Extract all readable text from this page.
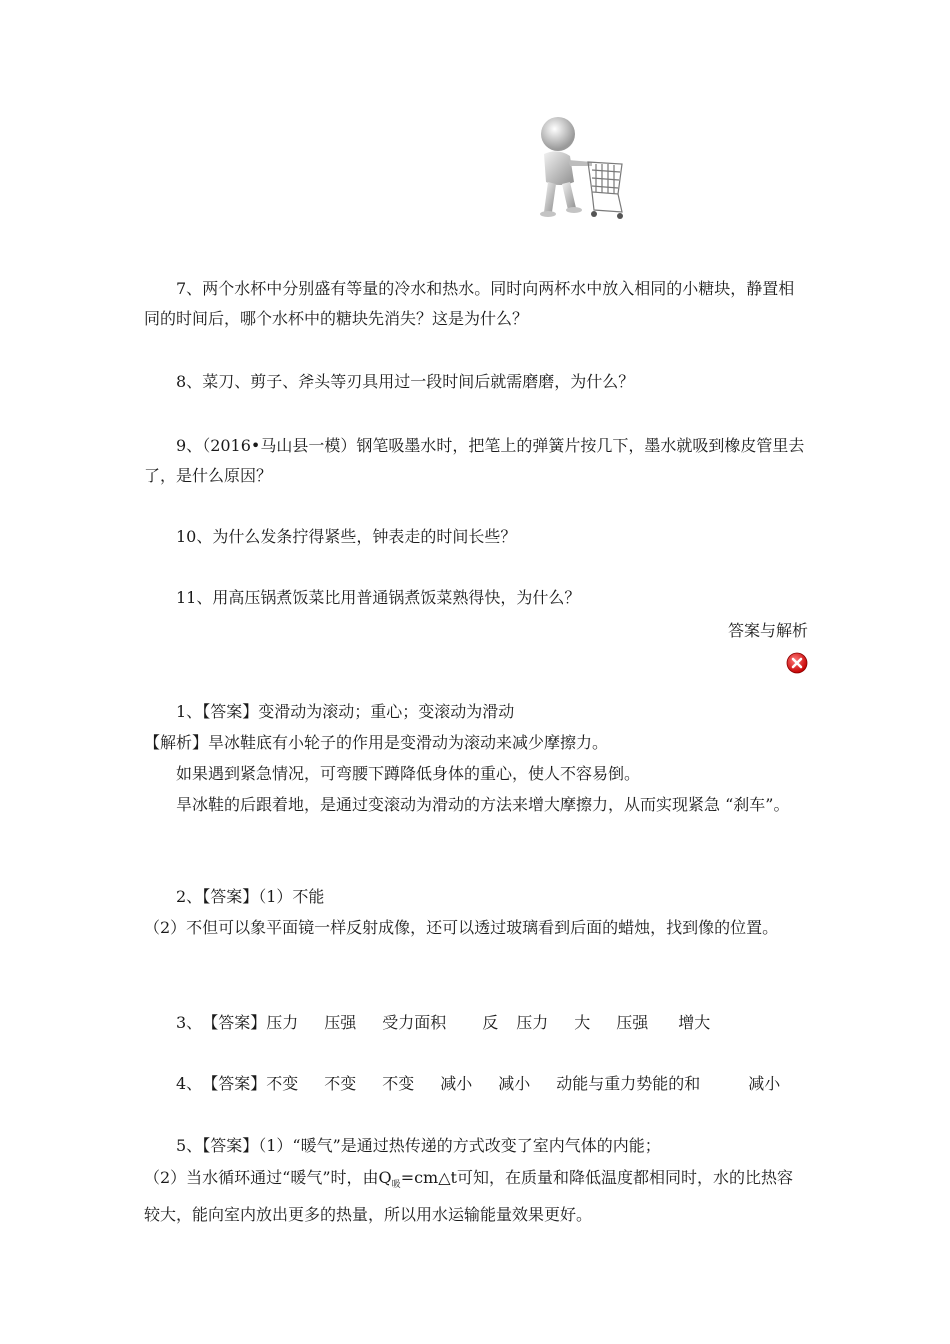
7、两个水杯中分别盛有等量的冷水和热水。同时向两杯水中放入相同的小糖块，静置相同的时间后，哪个水杯中的糖块先消失？这是为什么？
8、菜刀、剪子、斧头等刃具用过一段时间后就需磨磨，为什么？
9、（2016•马山县一模）钢笔吸墨水时，把笔上的弹簧片按几下，墨水就吸到橡皮管里去了，是什么原因？
10、为什么发条拧得紧些，钟表走的时间长些？
11、用高压锅煮饭菜比用普通锅煮饭菜熟得快，为什么？
答案与解析
1、【答案】变滑动为滚动；重心；变滚动为滑动
【解析】旱冰鞋底有小轮子的作用是变滑动为滚动来减少摩擦力。
如果遇到紧急情况，可弯腰下蹲降低身体的重心，使人不容易倒。
旱冰鞋的后跟着地，是通过变滚动为滑动的方法来增大摩擦力，从而实现紧急 “刹车”。
2、【答案】（1）不能
（2）不但可以象平面镜一样反射成像，还可以透过玻璃看到后面的蜡烛，找到像的位置。
3、【答案】压力 压强 受力面积 反 压力 大 压强 增大
4、【答案】不变 不变 不变 减小 减小 动能与重力势能的和	减小
5、【答案】（1）“暖气”是通过热传递的方式改变了室内气体的内能；
（2）当水循环通过“暖气”时，由$Q_吸=cm\triangle t$可知，在质量和降低温度都相同时，水的比热容较大，能向室内放出更多的热量，所以用水运输能量效果更好。
